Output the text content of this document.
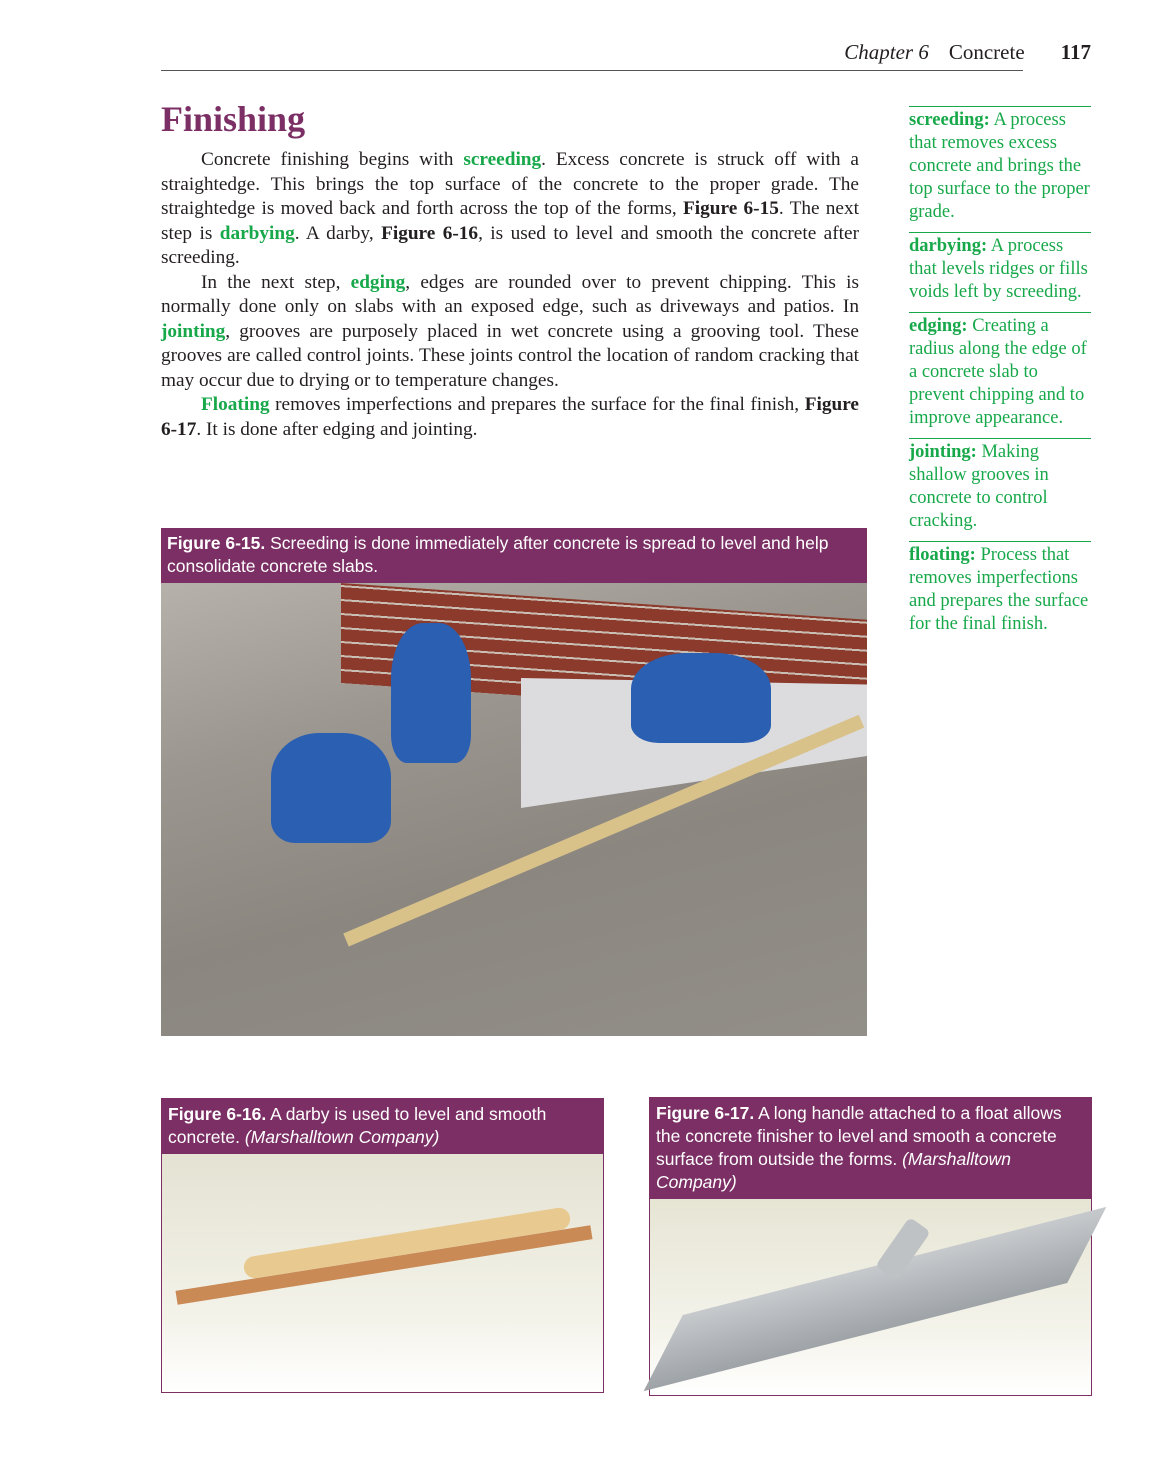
Chapter 6 Concrete 117
Finishing

Concrete finishing begins with screeding. Excess concrete is struck off with a straightedge. This brings the top surface of the concrete to the proper grade. The straightedge is moved back and forth across the top of the forms, Figure 6-15. The next step is darbying. A darby, Figure 6-16, is used to level and smooth the concrete after screeding.

In the next step, edging, edges are rounded over to prevent chipping. This is normally done only on slabs with an exposed edge, such as driveways and patios. In jointing, grooves are purposely placed in wet concrete using a grooving tool. These grooves are called control joints. These joints control the location of random cracking that may occur due to drying or to temperature changes.

Floating removes imperfections and prepares the surface for the final finish, Figure 6-17. It is done after edging and jointing.

screeding: A process that removes excess concrete and brings the top surface to the proper grade.
darbying: A process that levels ridges or fills voids left by screeding.
edging: Creating a radius along the edge of a concrete slab to prevent chipping and to improve appearance.
jointing: Making shallow grooves in concrete to control cracking.
floating: Process that removes imperfections and prepares the surface for the final finish.
Figure 6-15. Screeding is done immediately after concrete is spread to level and help consolidate concrete slabs.
Figure 6-16. A darby is used to level and smooth concrete. (Marshalltown Company)
Figure 6-17. A long handle attached to a float allows the concrete finisher to level and smooth a concrete surface from outside the forms. (Marshalltown Company)
